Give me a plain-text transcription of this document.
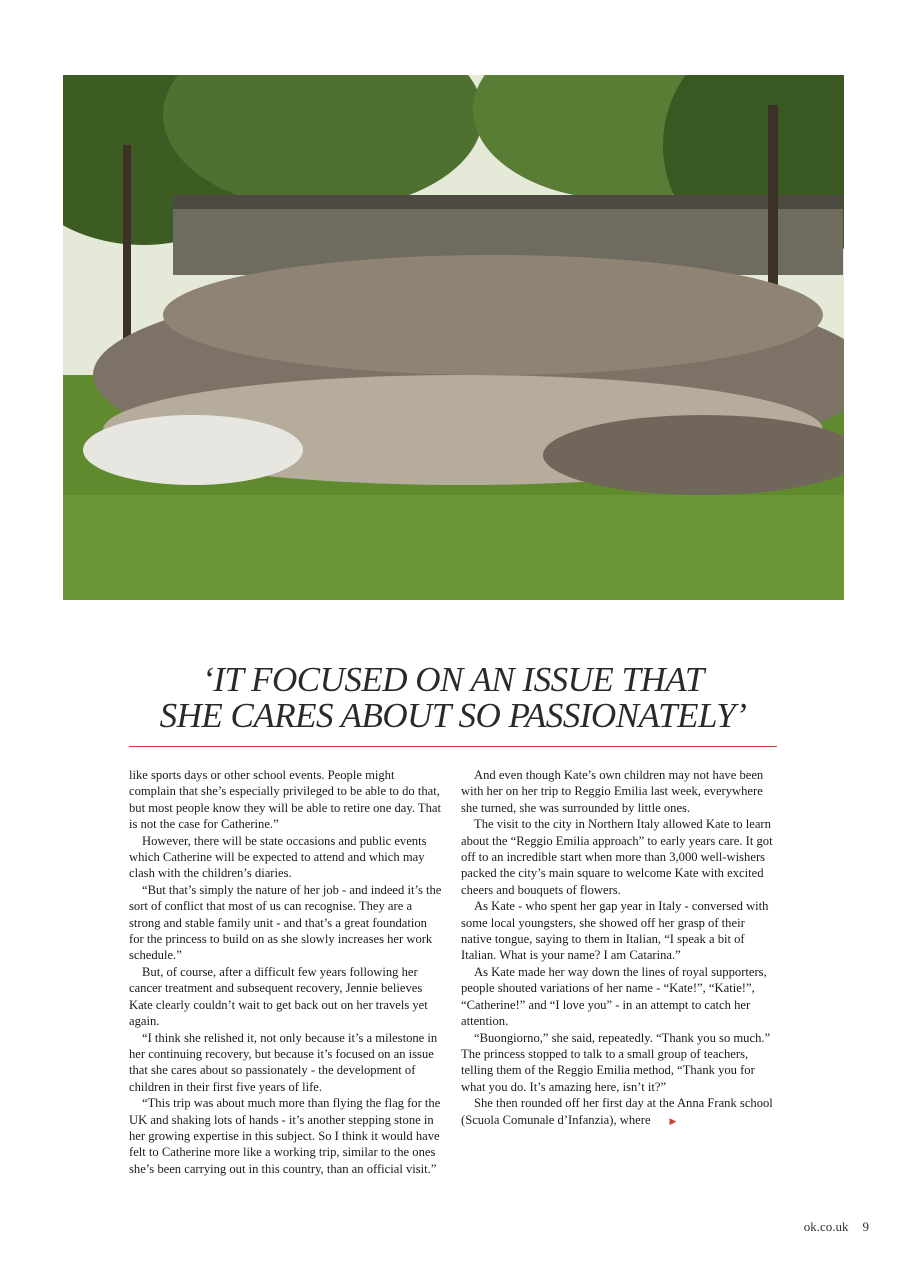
‘IT FOCUSED ON AN ISSUE THAT
SHE CARES ABOUT SO PASSIONATELY’

like sports days or other school events. People might complain that she’s especially privileged to be able to do that, but most people know they will be able to retire one day. That is not the case for Catherine.”

However, there will be state occasions and public events which Catherine will be expected to attend and which may clash with the children’s diaries.

“But that’s simply the nature of her job - and indeed it’s the sort of conflict that most of us can recognise. They are a strong and stable family unit - and that’s a great foundation for the princess to build on as she slowly increases her work schedule.”

But, of course, after a difficult few years following her cancer treatment and subsequent recovery, Jennie believes Kate clearly couldn’t wait to get back out on her travels yet again.

“I think she relished it, not only because it’s a milestone in her continuing recovery, but because it’s focused on an issue that she cares about so passionately - the development of children in their first five years of life.

“This trip was about much more than flying the flag for the UK and shaking lots of hands - it’s another stepping stone in her growing expertise in this subject. So I think it would have felt to Catherine more like a working trip, similar to the ones she’s been carrying out in this country, than an official visit.”

And even though Kate’s own children may not have been with her on her trip to Reggio Emilia last week, everywhere she turned, she was surrounded by little ones.

The visit to the city in Northern Italy allowed Kate to learn about the “Reggio Emilia approach” to early years care. It got off to an incredible start when more than 3,000 well-wishers packed the city’s main square to welcome Kate with excited cheers and bouquets of flowers.

As Kate - who spent her gap year in Italy - conversed with some local youngsters, she showed off her grasp of their native tongue, saying to them in Italian, “I speak a bit of Italian. What is your name? I am Catarina.”

As Kate made her way down the lines of royal supporters, people shouted variations of her name - “Kate!”, “Katie!”, “Catherine!” and “I love you” - in an attempt to catch her attention.

“Buongiorno,” she said, repeatedly. “Thank you so much.” The princess stopped to talk to a small group of teachers, telling them of the Reggio Emilia method, “Thank you for what you do. It’s amazing here, isn’t it?”

She then rounded off her first day at the Anna Frank school (Scuola Comunale d’Infanzia), where ▶

ok.co.uk 9
